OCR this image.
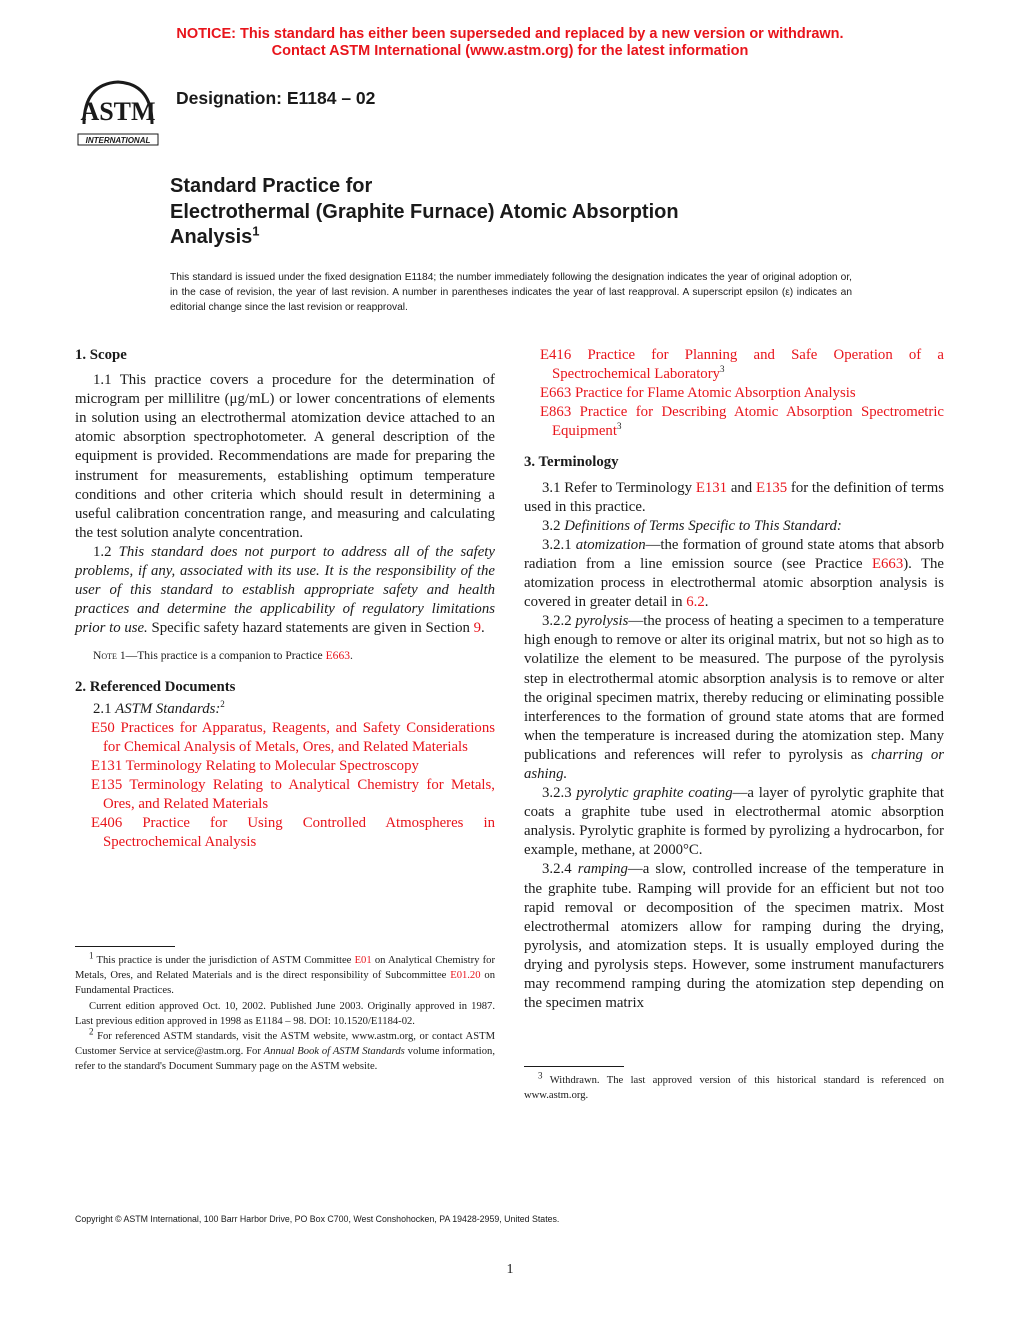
NOTICE: This standard has either been superseded and replaced by a new version or withdrawn.
Contact ASTM International (www.astm.org) for the latest information
ASTM
INTERNATIONAL
Designation: E1184 – 02
Standard Practice for
Electrothermal (Graphite Furnace) Atomic Absorption
Analysis$^1$
This standard is issued under the fixed designation E1184; the number immediately following the designation indicates the year of original adoption or, in the case of revision, the year of last revision. A number in parentheses indicates the year of last reapproval. A superscript epsilon (ε) indicates an editorial change since the last revision or reapproval.

1. Scope

1.1 This practice covers a procedure for the determination of microgram per millilitre (μg/mL) or lower concentrations of elements in solution using an electrothermal atomization device attached to an atomic absorption spectrophotometer. A general description of the equipment is provided. Recommendations are made for preparing the instrument for measurements, establishing optimum temperature conditions and other criteria which should result in determining a useful calibration concentration range, and measuring and calculating the test solution analyte concentration.

1.2 This standard does not purport to address all of the safety problems, if any, associated with its use. It is the responsibility of the user of this standard to establish appropriate safety and health practices and determine the applicability of regulatory limitations prior to use. Specific safety hazard statements are given in Section 9.

Note 1—This practice is a companion to Practice E663.

2. Referenced Documents

2.1 ASTM Standards:$^2$

E50 Practices for Apparatus, Reagents, and Safety Considerations for Chemical Analysis of Metals, Ores, and Related Materials

E131 Terminology Relating to Molecular Spectroscopy

E135 Terminology Relating to Analytical Chemistry for Metals, Ores, and Related Materials

E406 Practice for Using Controlled Atmospheres in Spectrochemical Analysis

E416 Practice for Planning and Safe Operation of a Spectrochemical Laboratory$^3$

E663 Practice for Flame Atomic Absorption Analysis

E863 Practice for Describing Atomic Absorption Spectrometric Equipment$^3$

3. Terminology

3.1 Refer to Terminology E131 and E135 for the definition of terms used in this practice.

3.2 Definitions of Terms Specific to This Standard:

3.2.1 atomization—the formation of ground state atoms that absorb radiation from a line emission source (see Practice E663). The atomization process in electrothermal atomic absorption analysis is covered in greater detail in 6.2.

3.2.2 pyrolysis—the process of heating a specimen to a temperature high enough to remove or alter its original matrix, but not so high as to volatilize the element to be measured. The purpose of the pyrolysis step in electrothermal atomic absorption analysis is to remove or alter the original specimen matrix, thereby reducing or eliminating possible interferences to the formation of ground state atoms that are formed when the temperature is increased during the atomization step. Many publications and references will refer to pyrolysis as charring or ashing.

3.2.3 pyrolytic graphite coating—a layer of pyrolytic graphite that coats a graphite tube used in electrothermal atomic absorption analysis. Pyrolytic graphite is formed by pyrolizing a hydrocarbon, for example, methane, at 2000°C.

3.2.4 ramping—a slow, controlled increase of the temperature in the graphite tube. Ramping will provide for an efficient but not too rapid removal or decomposition of the specimen matrix. Most electrothermal atomizers allow for ramping during the drying, pyrolysis, and atomization steps. It is usually employed during the drying and pyrolysis steps. However, some instrument manufacturers may recommend ramping during the atomization step depending on the specimen matrix

$^1$ This practice is under the jurisdiction of ASTM Committee E01 on Analytical Chemistry for Metals, Ores, and Related Materials and is the direct responsibility of Subcommittee E01.20 on Fundamental Practices.

Current edition approved Oct. 10, 2002. Published June 2003. Originally approved in 1987. Last previous edition approved in 1998 as E1184 – 98. DOI: 10.1520/E1184-02.

$^2$ For referenced ASTM standards, visit the ASTM website, www.astm.org, or contact ASTM Customer Service at service@astm.org. For Annual Book of ASTM Standards volume information, refer to the standard's Document Summary page on the ASTM website.

$^3$ Withdrawn. The last approved version of this historical standard is referenced on www.astm.org.

Copyright © ASTM International, 100 Barr Harbor Drive, PO Box C700, West Conshohocken, PA 19428-2959, United States.
1
